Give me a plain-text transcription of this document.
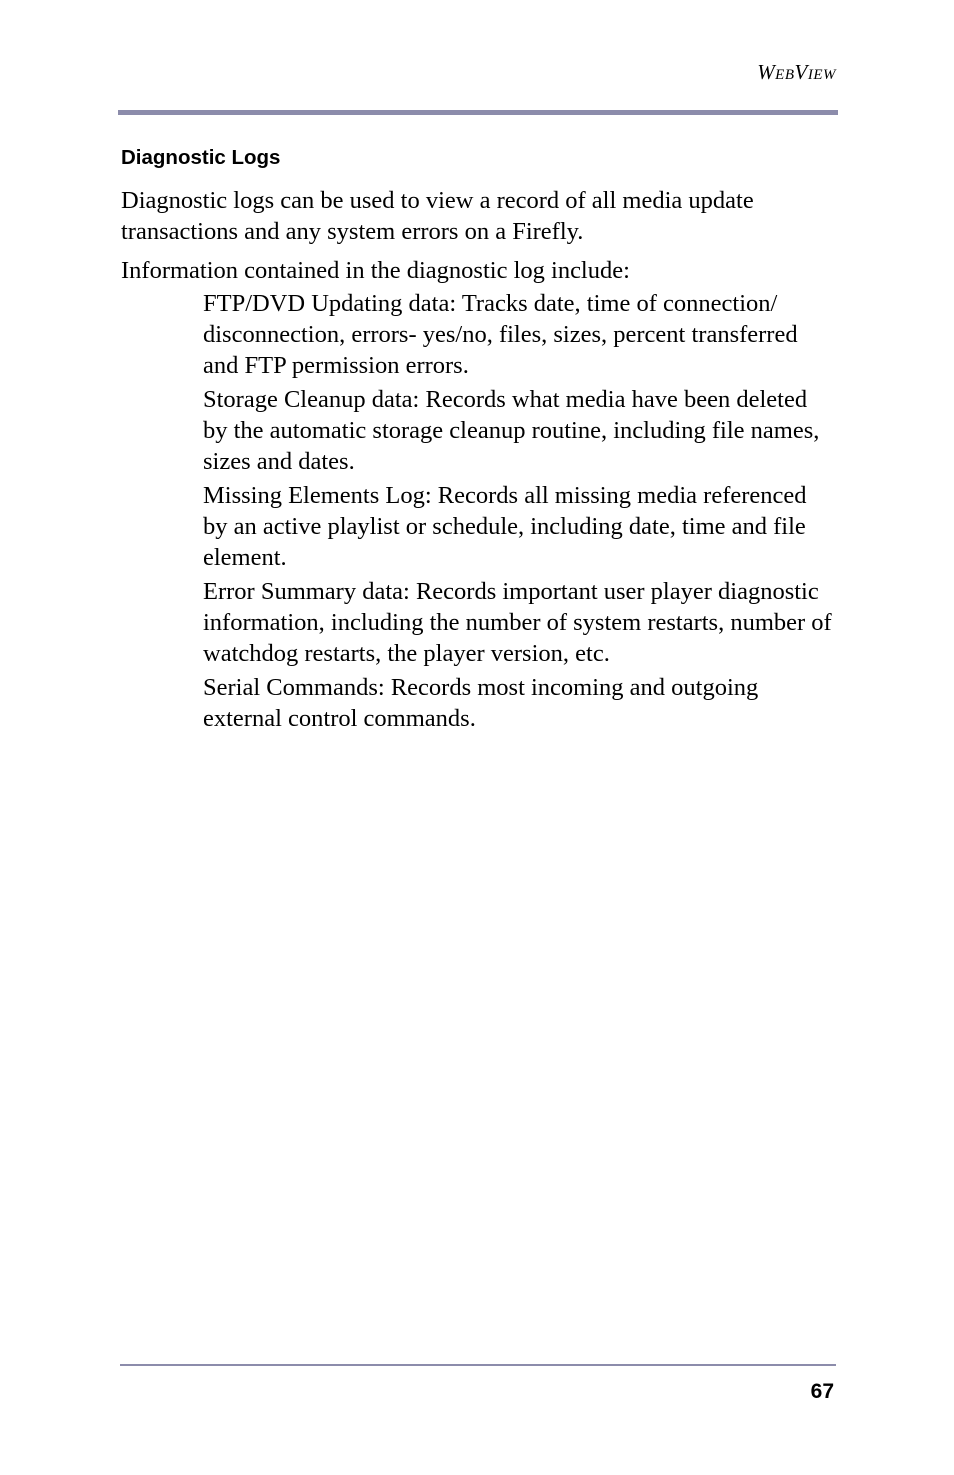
WebView
Diagnostic Logs

Diagnostic logs can be used to view a record of all media update transactions and any system errors on a Firefly.

Information contained in the diagnostic log include:

FTP/DVD Updating data: Tracks date, time of connection/ disconnection, errors- yes/no, files, sizes, percent transferred and FTP permission errors.
Storage Cleanup data: Records what media have been deleted by the automatic storage cleanup routine, including file names, sizes and dates.
Missing Elements Log: Records all missing media referenced by an active playlist or schedule, including date, time and file element.
Error Summary data: Records important user player diagnostic information, including the number of system restarts, number of watchdog restarts, the player version, etc.
Serial Commands: Records most incoming and outgoing external control commands.
67
